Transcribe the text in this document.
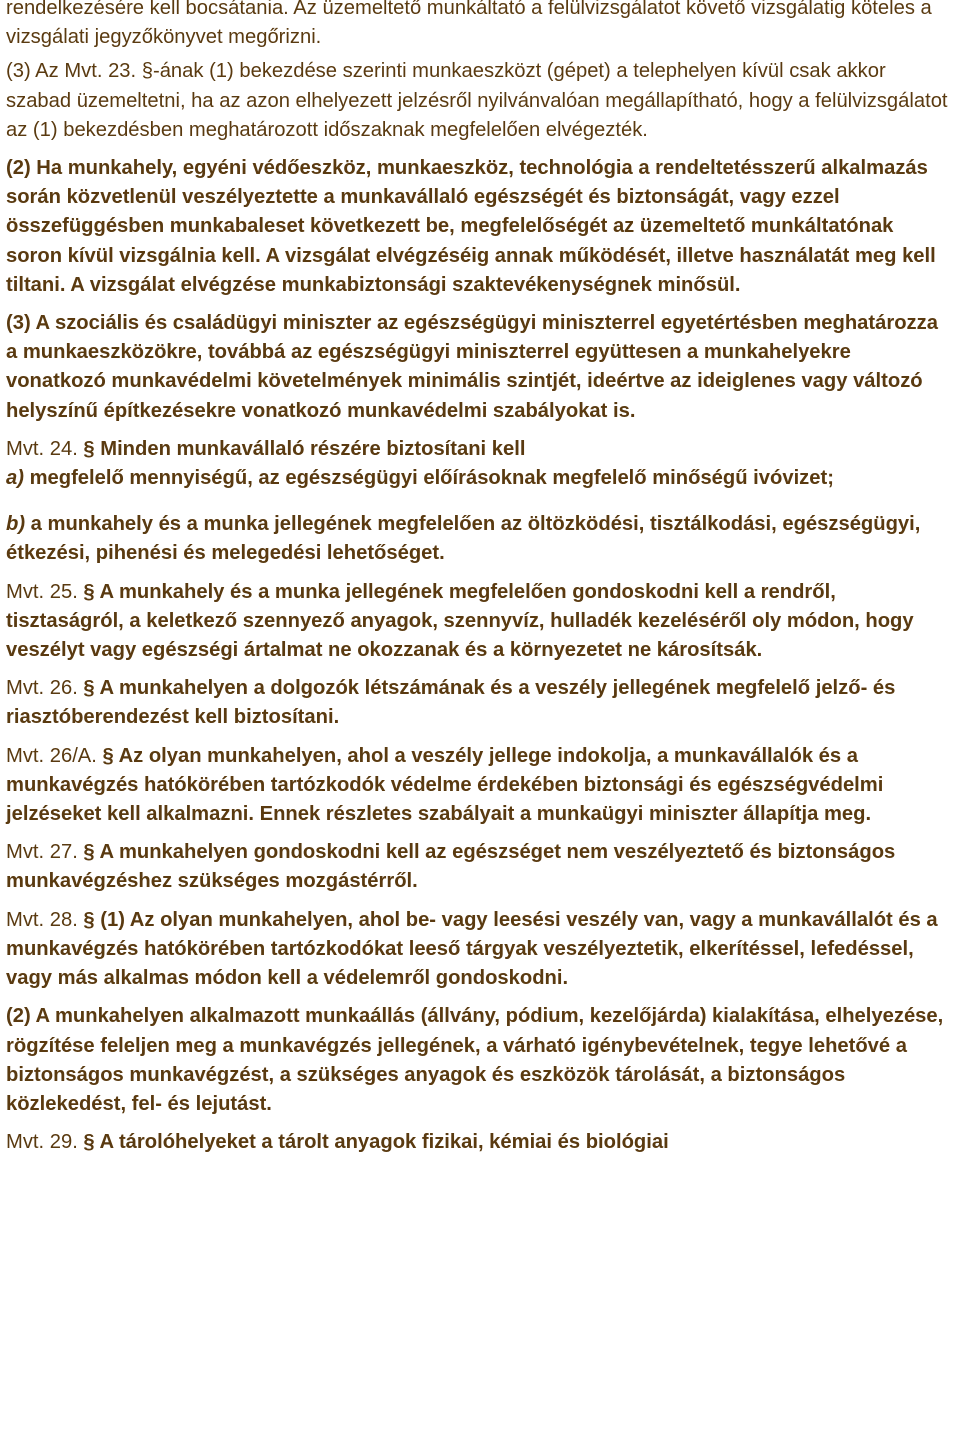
rendelkezésére kell bocsátania. Az üzemeltető munkáltató a felülvizsgálatot követő vizsgálatig köteles a vizsgálati jegyzőkönyvet megőrizni.

(3) Az Mvt. 23. §-ának (1) bekezdése szerinti munkaeszközt (gépet) a telephelyen kívül csak akkor szabad üzemeltetni, ha az azon elhelyezett jelzésről nyilvánvalóan megállapítható, hogy a felülvizsgálatot az (1) bekezdésben meghatározott időszaknak megfelelően elvégezték.

(2) Ha munkahely, egyéni védőeszköz, munkaeszköz, technológia a rendeltetésszerű alkalmazás során közvetlenül veszélyeztette a munkavállaló egészségét és biztonságát, vagy ezzel összefüggésben munkabaleset következett be, megfelelőségét az üzemeltető munkáltatónak soron kívül vizsgálnia kell. A vizsgálat elvégzéséig annak működését, illetve használatát meg kell tiltani. A vizsgálat elvégzése munkabiztonsági szaktevékenységnek minősül.

(3) A szociális és családügyi miniszter az egészségügyi miniszterrel egyetértésben meghatározza a munkaeszközökre, továbbá az egészségügyi miniszterrel együttesen a munkahelyekre vonatkozó munkavédelmi követelmények minimális szintjét, ideértve az ideiglenes vagy változó helyszínű építkezésekre vonatkozó munkavédelmi szabályokat is.

Mvt. 24. § Minden munkavállaló részére biztosítani kell

a) megfelelő mennyiségű, az egészségügyi előírásoknak megfelelő minőségű ivóvizet;

b) a munkahely és a munka jellegének megfelelően az öltözködési, tisztálkodási, egészségügyi, étkezési, pihenési és melegedési lehetőséget.

Mvt. 25. § A munkahely és a munka jellegének megfelelően gondoskodni kell a rendről, tisztaságról, a keletkező szennyező anyagok, szennyvíz, hulladék kezeléséről oly módon, hogy veszélyt vagy egészségi ártalmat ne okozzanak és a környezetet ne károsítsák.

Mvt. 26. § A munkahelyen a dolgozók létszámának és a veszély jellegének megfelelő jelző- és riasztóberendezést kell biztosítani.

Mvt. 26/A. § Az olyan munkahelyen, ahol a veszély jellege indokolja, a munkavállalók és a munkavégzés hatókörében tartózkodók védelme érdekében biztonsági és egészségvédelmi jelzéseket kell alkalmazni. Ennek részletes szabályait a munkaügyi miniszter állapítja meg.

Mvt. 27. § A munkahelyen gondoskodni kell az egészséget nem veszélyeztető és biztonságos munkavégzéshez szükséges mozgástérről.

Mvt. 28. § (1) Az olyan munkahelyen, ahol be- vagy leesési veszély van, vagy a munkavállalót és a munkavégzés hatókörében tartózkodókat leeső tárgyak veszélyeztetik, elkerítéssel, lefedéssel, vagy más alkalmas módon kell a védelemről gondoskodni.

(2) A munkahelyen alkalmazott munkaállás (állvány, pódium, kezelőjárda) kialakítása, elhelyezése, rögzítése feleljen meg a munkavégzés jellegének, a várható igénybevételnek, tegye lehetővé a biztonságos munkavégzést, a szükséges anyagok és eszközök tárolását, a biztonságos közlekedést, fel- és lejutást.

Mvt. 29. § A tárolóhelyeket a tárolt anyagok fizikai, kémiai és biológiai
